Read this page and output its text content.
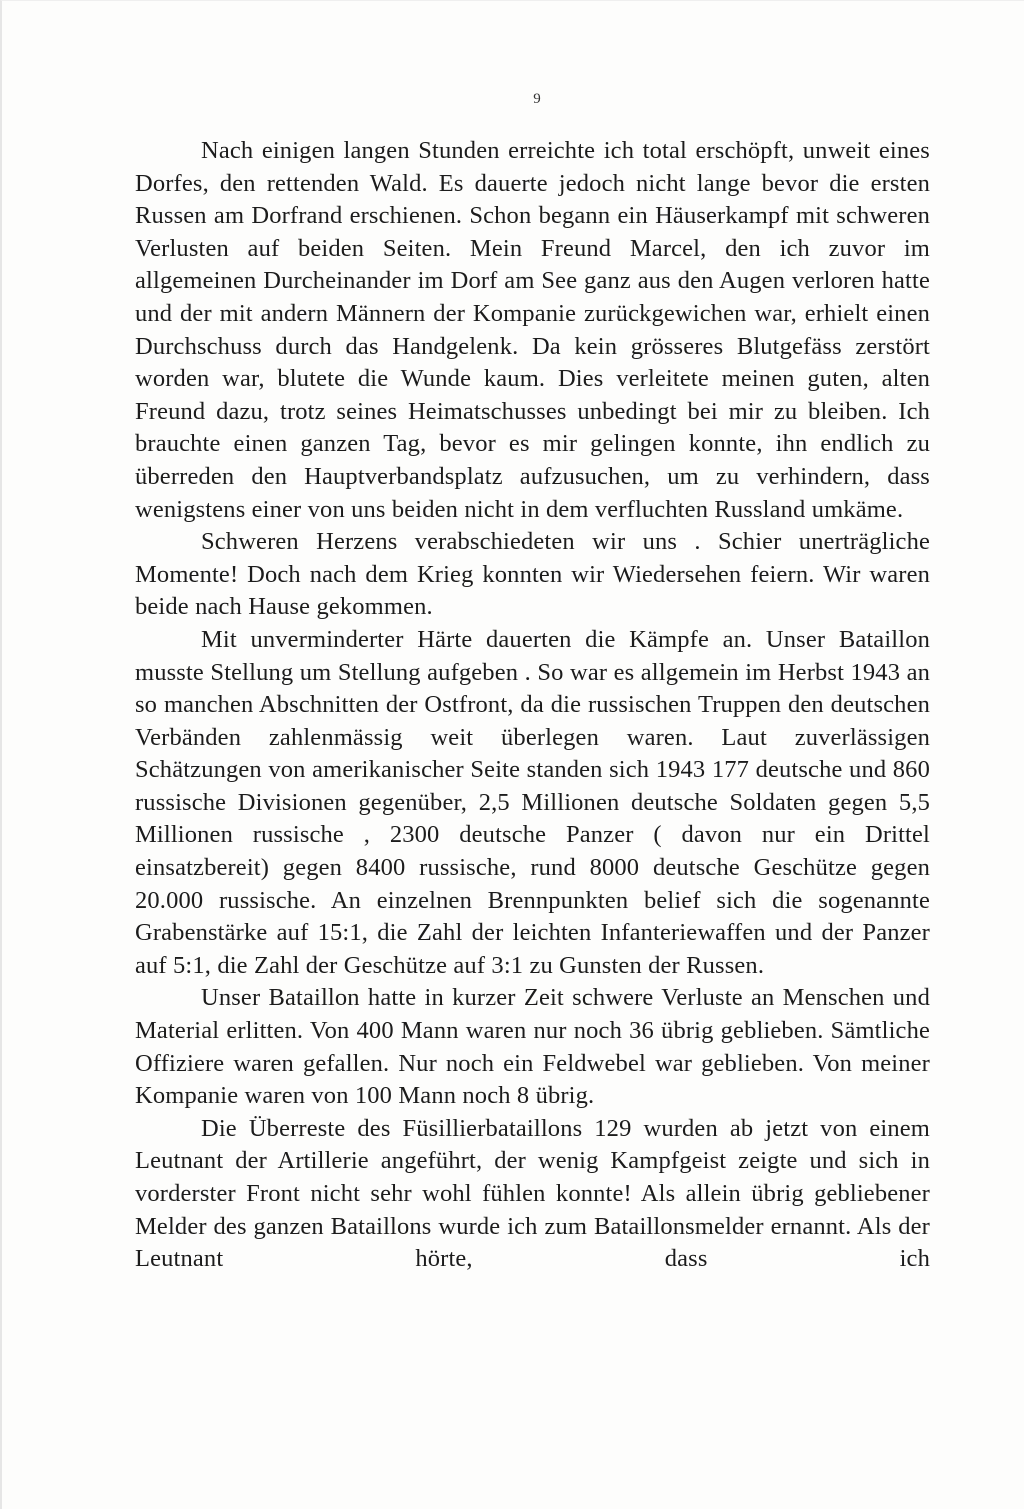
9

Nach einigen langen Stunden erreichte ich total erschöpft, unweit eines Dorfes, den rettenden Wald. Es dauerte jedoch nicht lange bevor die ersten Russen am Dorfrand erschienen. Schon begann ein Häuserkampf mit schweren Verlusten auf beiden Seiten. Mein Freund Marcel, den ich zuvor im allgemeinen Durcheinander im Dorf am See ganz aus den Augen verloren hatte und der mit andern Männern der Kompanie zurückgewichen war, erhielt einen Durchschuss durch das Handgelenk. Da kein grösseres Blutgefäss zerstört worden war, blutete die Wunde kaum. Dies verleitete meinen guten, alten Freund dazu, trotz seines Heimatschusses unbedingt bei mir zu bleiben. Ich brauchte einen ganzen Tag, bevor es mir gelingen konnte, ihn endlich zu überreden den Hauptverbandsplatz aufzusuchen, um zu verhindern, dass wenigstens einer von uns beiden nicht in dem verfluchten Russland umkäme.

Schweren Herzens verabschiedeten wir uns . Schier unerträgliche Momente! Doch nach dem Krieg konnten wir Wiedersehen feiern. Wir waren beide nach Hause gekommen.

Mit unverminderter Härte dauerten die Kämpfe an. Unser Bataillon musste Stellung um Stellung aufgeben . So war es allgemein im Herbst 1943 an so manchen Abschnitten der Ostfront, da die russischen Truppen den deutschen Verbänden zahlenmässig weit überlegen waren. Laut zuverlässigen Schätzungen von amerikanischer Seite standen sich 1943 177 deutsche und 860 russische Divisionen gegenüber, 2,5 Millionen deutsche Soldaten gegen 5,5 Millionen russische , 2300 deutsche Panzer ( davon nur ein Drittel einsatzbereit) gegen 8400 russische, rund 8000 deutsche Geschütze gegen 20.000 russische. An einzelnen Brennpunkten belief sich die sogenannte Grabenstärke auf 15:1, die Zahl der leichten Infanteriewaffen und der Panzer auf 5:1, die Zahl der Geschütze auf 3:1 zu Gunsten der Russen.

Unser Bataillon hatte in kurzer Zeit schwere Verluste an Menschen und Material erlitten. Von 400 Mann waren nur noch 36 übrig geblieben. Sämtliche Offiziere waren gefallen. Nur noch ein Feldwebel war geblieben. Von meiner Kompanie waren von 100 Mann noch 8 übrig.

Die Überreste des Füsillierbataillons 129 wurden ab jetzt von einem Leutnant der Artillerie angeführt, der wenig Kampfgeist zeigte und sich in vorderster Front nicht sehr wohl fühlen konnte! Als allein übrig gebliebener Melder des ganzen Bataillons wurde ich zum Bataillonsmelder ernannt. Als der Leutnant hörte, dass ich
